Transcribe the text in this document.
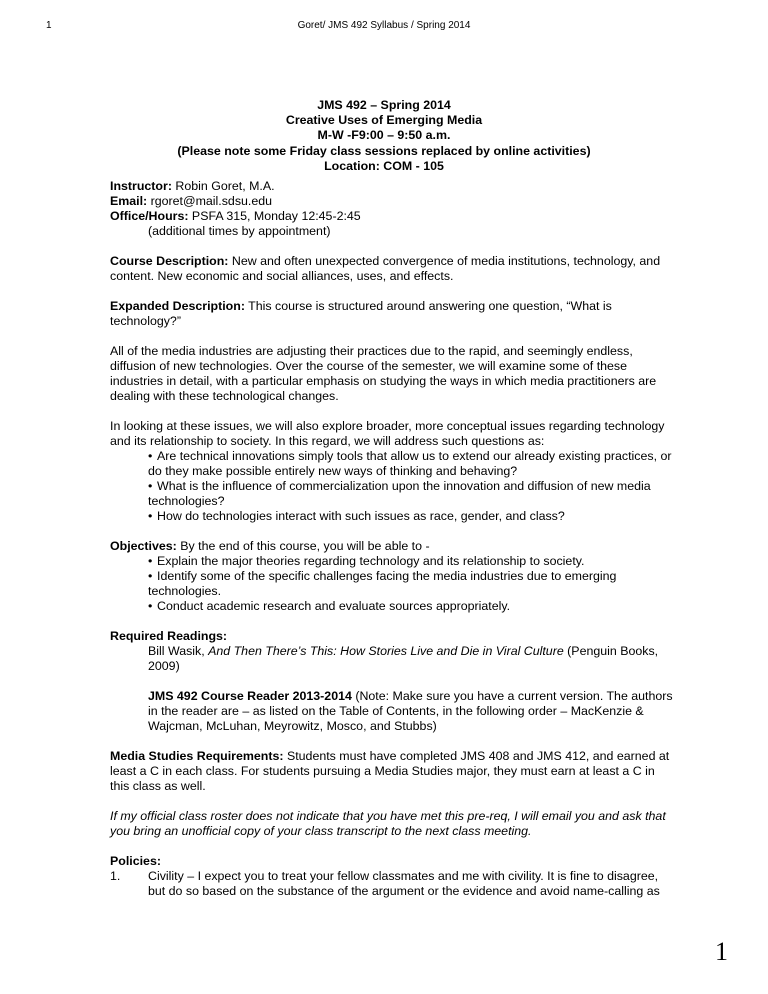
1	Goret/ JMS 492 Syllabus / Spring 2014
JMS 492 – Spring 2014
Creative Uses of Emerging Media
M-W -F9:00 – 9:50 a.m.
(Please note some Friday class sessions replaced by online activities)
Location: COM - 105

Instructor: Robin Goret, M.A.

Email: rgoret@mail.sdsu.edu

Office/Hours: PSFA 315, Monday 12:45-2:45

(additional times by appointment)

Course Description: New and often unexpected convergence of media institutions, technology, and content. New economic and social alliances, uses, and effects.

Expanded Description: This course is structured around answering one question, “What is technology?”

All of the media industries are adjusting their practices due to the rapid, and seemingly endless, diffusion of new technologies. Over the course of the semester, we will examine some of these industries in detail, with a particular emphasis on studying the ways in which media practitioners are dealing with these technological changes.

In looking at these issues, we will also explore broader, more conceptual issues regarding technology and its relationship to society. In this regard, we will address such questions as:

• Are technical innovations simply tools that allow us to extend our already existing practices, or do they make possible entirely new ways of thinking and behaving?
• What is the influence of commercialization upon the innovation and diffusion of new media technologies?
• How do technologies interact with such issues as race, gender, and class?

Objectives: By the end of this course, you will be able to -

• Explain the major theories regarding technology and its relationship to society.
• Identify some of the specific challenges facing the media industries due to emerging technologies.
• Conduct academic research and evaluate sources appropriately.

Required Readings:

Bill Wasik, And Then There’s This: How Stories Live and Die in Viral Culture (Penguin Books, 2009)

JMS 492 Course Reader 2013-2014 (Note: Make sure you have a current version. The authors in the reader are – as listed on the Table of Contents, in the following order – MacKenzie & Wajcman, McLuhan, Meyrowitz, Mosco, and Stubbs)

Media Studies Requirements: Students must have completed JMS 408 and JMS 412, and earned at least a C in each class. For students pursuing a Media Studies major, they must earn at least a C in this class as well.

If my official class roster does not indicate that you have met this pre-req, I will email you and ask that you bring an unofficial copy of your class transcript to the next class meeting.

Policies:

1.	Civility – I expect you to treat your fellow classmates and me with civility. It is fine to disagree, but do so based on the substance of the argument or the evidence and avoid name-calling as
1
